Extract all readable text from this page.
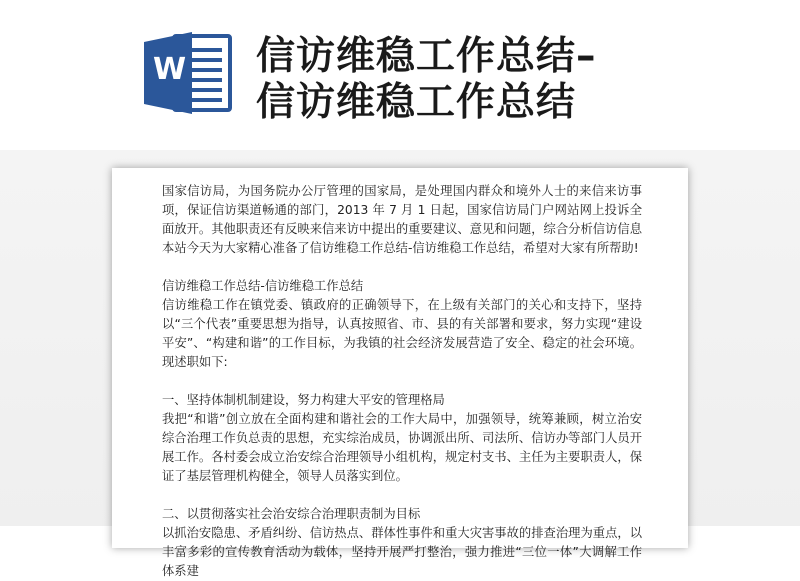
W 信访维稳工作总结–
信访维稳工作总结

国家信访局，为国务院办公厅管理的国家局，是处理国内群众和境外人士的来信来访事项，保证信访渠道畅通的部门，2013 年 7 月 1 日起，国家信访局门户网站网上投诉全面放开。其他职责还有反映来信来访中提出的重要建议、意见和问题，综合分析信访信息本站今天为大家精心准备了信访维稳工作总结-信访维稳工作总结，希望对大家有所帮助!

信访维稳工作总结-信访维稳工作总结

信访维稳工作在镇党委、镇政府的正确领导下，在上级有关部门的关心和支持下，坚持以“三个代表”重要思想为指导，认真按照省、市、县的有关部署和要求，努力实现“建设平安”、“构建和谐”的工作目标，为我镇的社会经济发展营造了安全、稳定的社会环境。现述职如下:

一、坚持体制机制建设，努力构建大平安的管理格局

我把“和谐”创立放在全面构建和谐社会的工作大局中，加强领导，统筹兼顾，树立治安综合治理工作负总责的思想，充实综治成员，协调派出所、司法所、信访办等部门人员开展工作。各村委会成立治安综合治理领导小组机构，规定村支书、主任为主要职责人，保证了基层管理机构健全，领导人员落实到位。

二、以贯彻落实社会治安综合治理职责制为目标

以抓治安隐患、矛盾纠纷、信访热点、群体性事件和重大灾害事故的排查治理为重点，以丰富多彩的宣传教育活动为载体，坚持开展严打整治，强力推进“三位一体”大调解工作体系建
